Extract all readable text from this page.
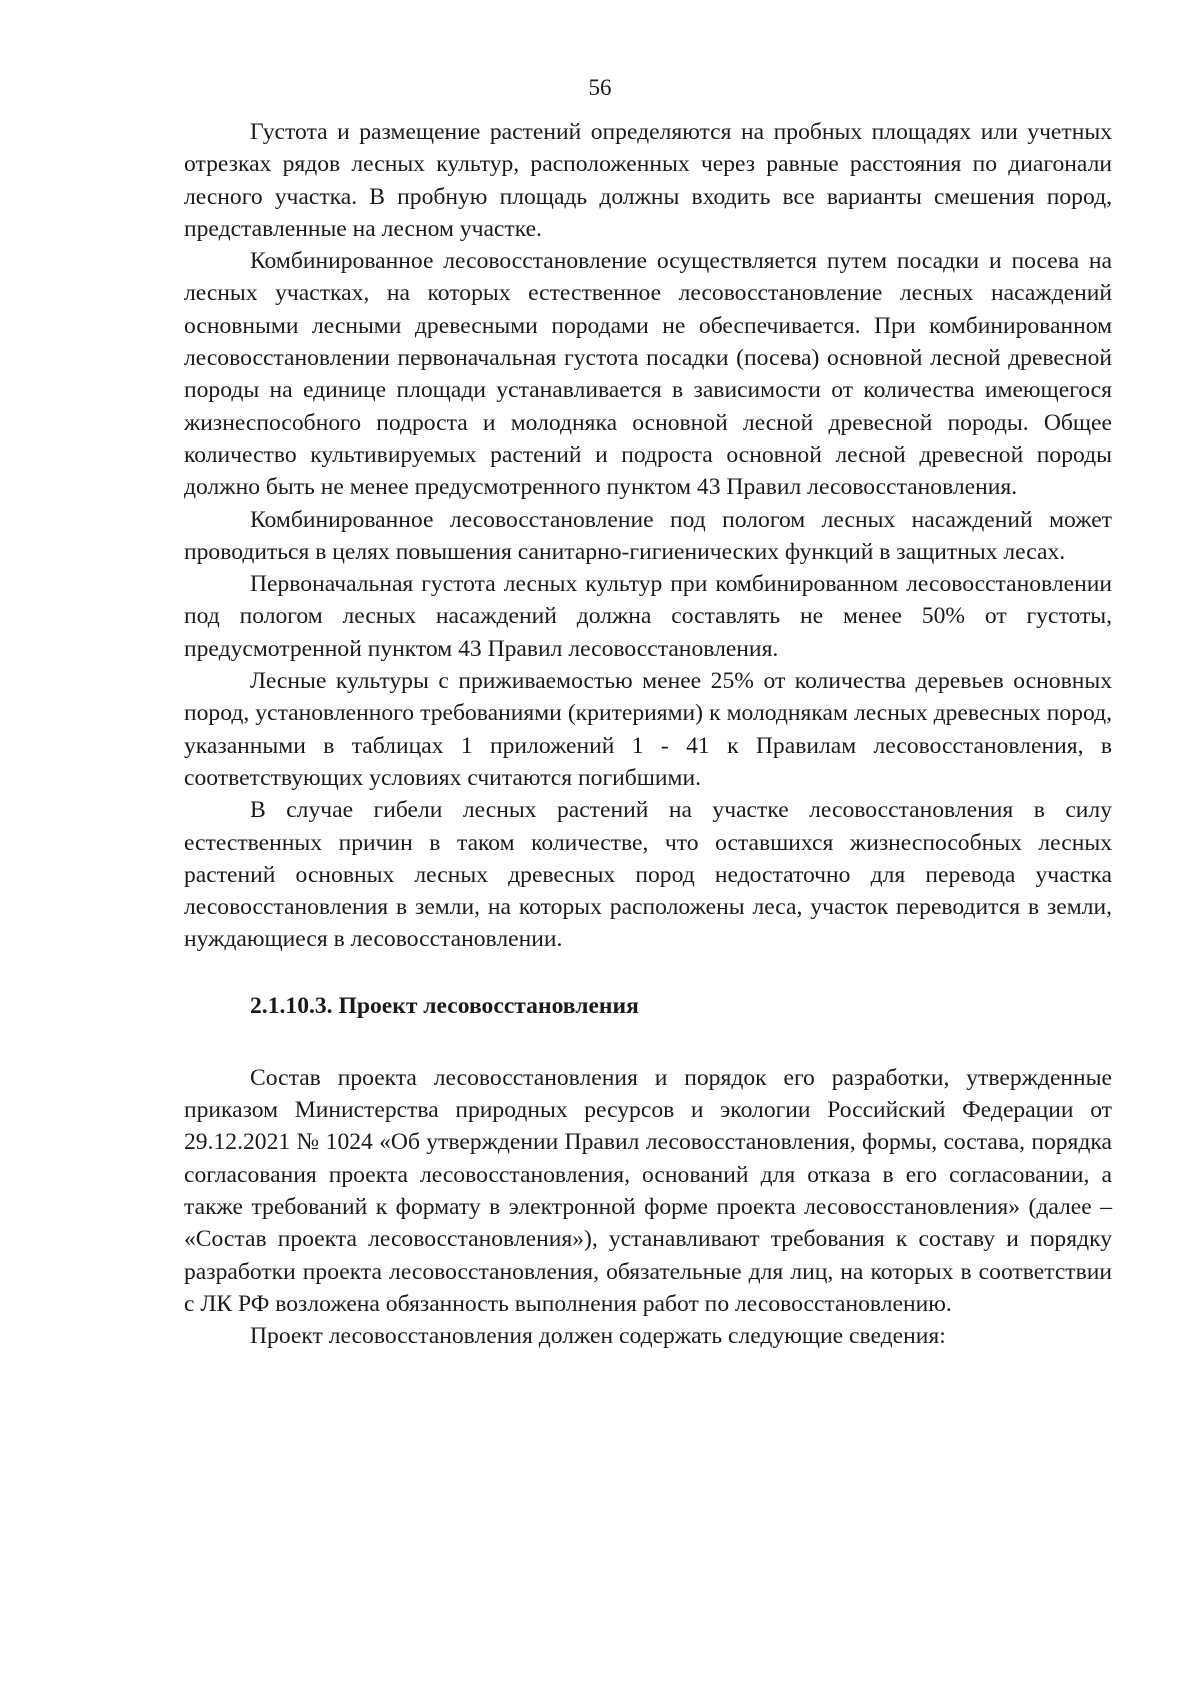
56

Густота и размещение растений определяются на пробных площадях или учетных отрезках рядов лесных культур, расположенных через равные расстояния по диагонали лесного участка. В пробную площадь должны входить все варианты смешения пород, представленные на лесном участке.

Комбинированное лесовосстановление осуществляется путем посадки и посева на лесных участках, на которых естественное лесовосстановление лесных насаждений основными лесными древесными породами не обеспечивается. При комбинированном лесовосстановлении первоначальная густота посадки (посева) основной лесной древесной породы на единице площади устанавливается в зависимости от количества имеющегося жизнеспособного подроста и молодняка основной лесной древесной породы. Общее количество культивируемых растений и подроста основной лесной древесной породы должно быть не менее предусмотренного пунктом 43 Правил лесовосстановления.

Комбинированное лесовосстановление под пологом лесных насаждений может проводиться в целях повышения санитарно-гигиенических функций в защитных лесах.

Первоначальная густота лесных культур при комбинированном лесовосстановлении под пологом лесных насаждений должна составлять не менее 50% от густоты, предусмотренной пунктом 43 Правил лесовосстановления.

Лесные культуры с приживаемостью менее 25% от количества деревьев основных пород, установленного требованиями (критериями) к молоднякам лесных древесных пород, указанными в таблицах 1 приложений 1 - 41 к Правилам лесовосстановления, в соответствующих условиях считаются погибшими.

В случае гибели лесных растений на участке лесовосстановления в силу естественных причин в таком количестве, что оставшихся жизнеспособных лесных растений основных лесных древесных пород недостаточно для перевода участка лесовосстановления в земли, на которых расположены леса, участок переводится в земли, нуждающиеся в лесовосстановлении.

2.1.10.3. Проект лесовосстановления

Состав проекта лесовосстановления и порядок его разработки, утвержденные приказом Министерства природных ресурсов и экологии Российский Федерации от 29.12.2021 № 1024 «Об утверждении Правил лесовосстановления, формы, состава, порядка согласования проекта лесовосстановления, оснований для отказа в его согласовании, а также требований к формату в электронной форме проекта лесовосстановления» (далее – «Состав проекта лесовосстановления»), устанавливают требования к составу и порядку разработки проекта лесовосстановления, обязательные для лиц, на которых в соответствии с ЛК РФ возложена обязанность выполнения работ по лесовосстановлению.

Проект лесовосстановления должен содержать следующие сведения:
